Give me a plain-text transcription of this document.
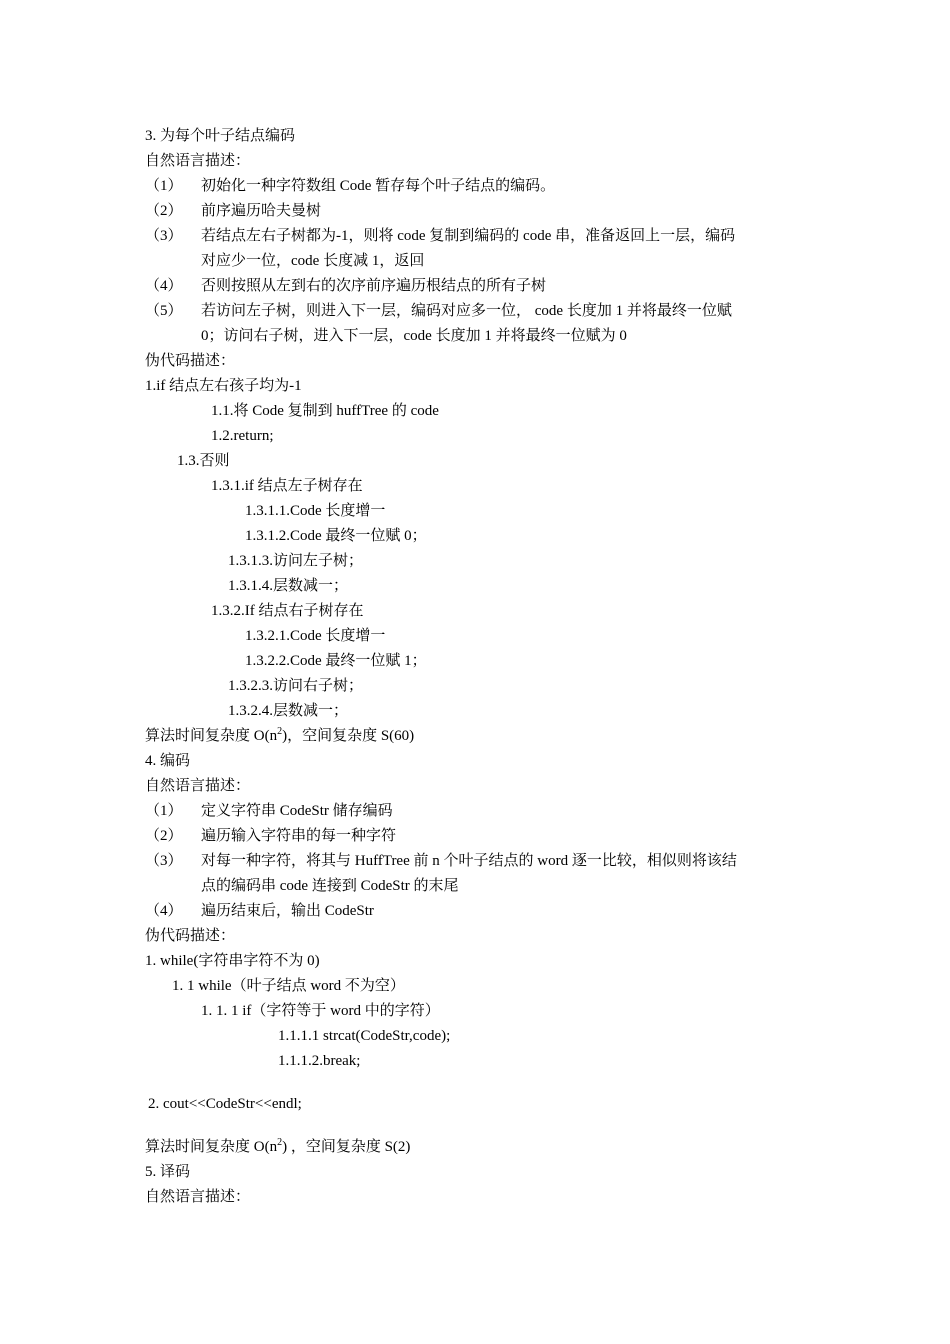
3. 为每个叶子结点编码
自然语言描述：
（1） 初始化一种字符数组 Code 暂存每个叶子结点的编码。
（2） 前序遍历哈夫曼树
（3） 若结点左右子树都为-1，则将 code 复制到编码的 code 串，准备返回上一层，编码
对应少一位，code 长度减 1，返回
（4） 否则按照从左到右的次序前序遍历根结点的所有子树
（5） 若访问左子树，则进入下一层，编码对应多一位， code 长度加 1 并将最终一位赋
0；访问右子树，进入下一层，code 长度加 1 并将最终一位赋为 0
伪代码描述：
1.if 结点左右孩子均为-1
1.1.将 Code 复制到 huffTree 的 code
1.2.return;
1.3.否则
1.3.1.if 结点左子树存在
1.3.1.1.Code 长度增一
1.3.1.2.Code 最终一位赋 0；
1.3.1.3.访问左子树；
1.3.1.4.层数减一；
1.3.2.If 结点右子树存在
1.3.2.1.Code 长度增一
1.3.2.2.Code 最终一位赋 1；
1.3.2.3.访问右子树；
1.3.2.4.层数减一；
算法时间复杂度 $O(n^2)$，空间复杂度 S(60)
4. 编码
自然语言描述：
（1） 定义字符串 CodeStr 储存编码
（2） 遍历输入字符串的每一种字符
（3） 对每一种字符，将其与 HuffTree 前 n 个叶子结点的 word 逐一比较，相似则将该结
点的编码串 code 连接到 CodeStr 的末尾
（4） 遍历结束后，输出 CodeStr
伪代码描述：
1. while(字符串字符不为 0)
1. 1 while（叶子结点 word 不为空）
1. 1. 1 if（字符等于 word 中的字符）
1.1.1.1 strcat(CodeStr,code);
1.1.1.2.break;
2. cout<<CodeStr<<endl;
算法时间复杂度 $O(n^2)$ ，空间复杂度 S(2)
5. 译码
自然语言描述：
